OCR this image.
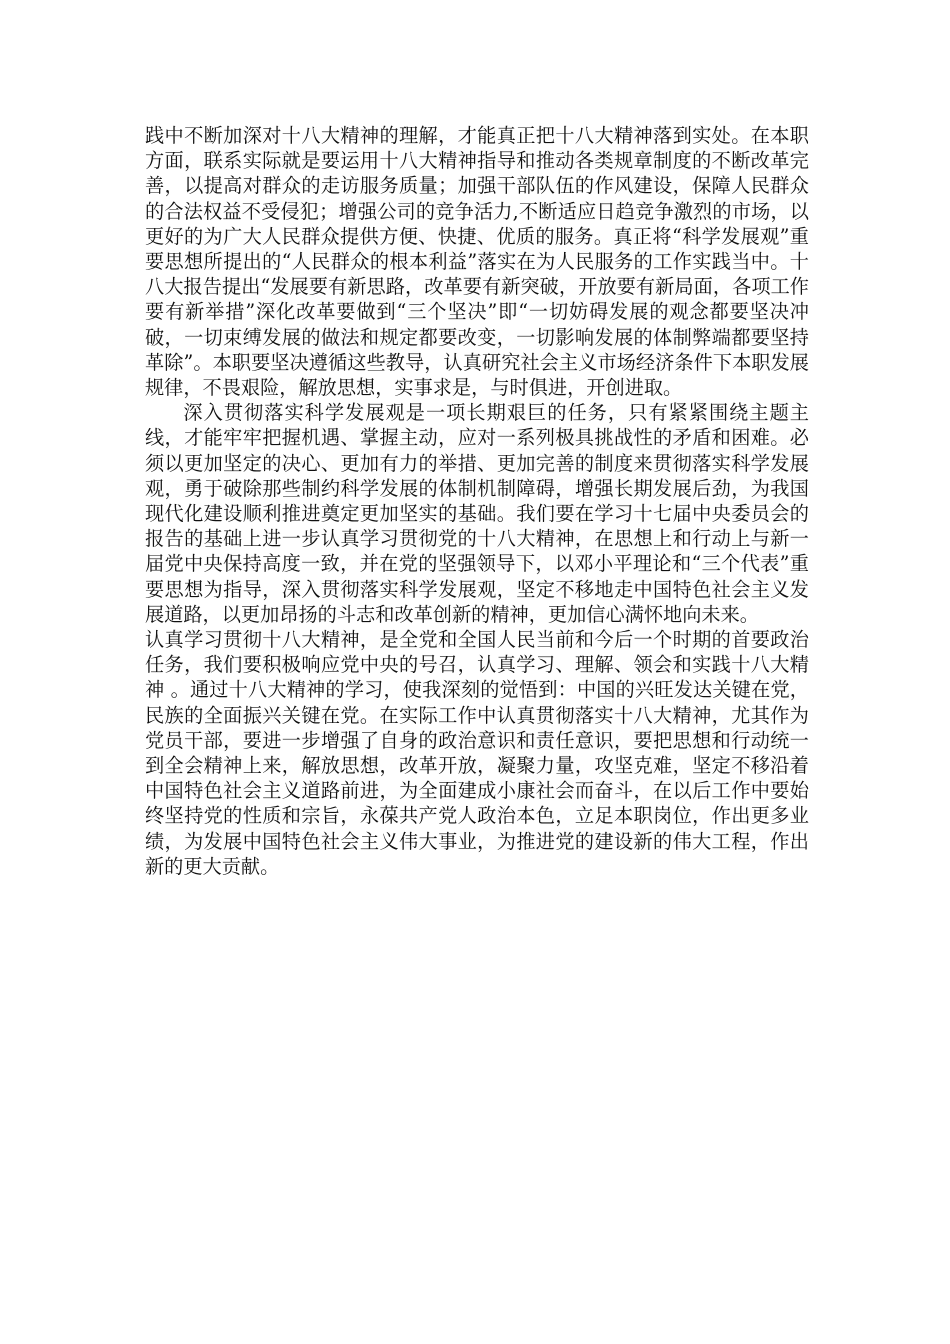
践中不断加深对十八大精神的理解，才能真正把十八大精神落到实处。在本职方面，联系实际就是要运用十八大精神指导和推动各类规章制度的不断改革完善，以提高对群众的走访服务质量；加强干部队伍的作风建设，保障人民群众的合法权益不受侵犯；增强公司的竞争活力,不断适应日趋竞争激烈的市场，以更好的为广大人民群众提供方便、快捷、优质的服务。真正将“科学发展观”重要思想所提出的“人民群众的根本利益”落实在为人民服务的工作实践当中。十八大报告提出“发展要有新思路，改革要有新突破，开放要有新局面，各项工作要有新举措”深化改革要做到“三个坚决”即“一切妨碍发展的观念都要坚决冲破，一切束缚发展的做法和规定都要改变，一切影响发展的体制弊端都要坚持革除”。本职要坚决遵循这些教导，认真研究社会主义市场经济条件下本职发展规律，不畏艰险，解放思想，实事求是，与时俱进，开创进取。

深入贯彻落实科学发展观是一项长期艰巨的任务，只有紧紧围绕主题主线，才能牢牢把握机遇、掌握主动，应对一系列极具挑战性的矛盾和困难。必须以更加坚定的决心、更加有力的举措、更加完善的制度来贯彻落实科学发展观，勇于破除那些制约科学发展的体制机制障碍，增强长期发展后劲，为我国现代化建设顺利推进奠定更加坚实的基础。我们要在学习十七届中央委员会的报告的基础上进一步认真学习贯彻党的十八大精神，在思想上和行动上与新一届党中央保持高度一致，并在党的坚强领导下，以邓小平理论和“三个代表”重要思想为指导，深入贯彻落实科学发展观，坚定不移地走中国特色社会主义发展道路，以更加昂扬的斗志和改革创新的精神，更加信心满怀地向未来。

认真学习贯彻十八大精神，是全党和全国人民当前和今后一个时期的首要政治任务，我们要积极响应党中央的号召，认真学习、理解、领会和实践十八大精神 。通过十八大精神的学习，使我深刻的觉悟到：中国的兴旺发达关键在党，民族的全面振兴关键在党。在实际工作中认真贯彻落实十八大精神，尤其作为党员干部，要进一步增强了自身的政治意识和责任意识，要把思想和行动统一到全会精神上来，解放思想，改革开放，凝聚力量，攻坚克难，坚定不移沿着中国特色社会主义道路前进，为全面建成小康社会而奋斗，在以后工作中要始终坚持党的性质和宗旨，永葆共产党人政治本色，立足本职岗位，作出更多业绩，为发展中国特色社会主义伟大事业，为推进党的建设新的伟大工程，作出新的更大贡献。
